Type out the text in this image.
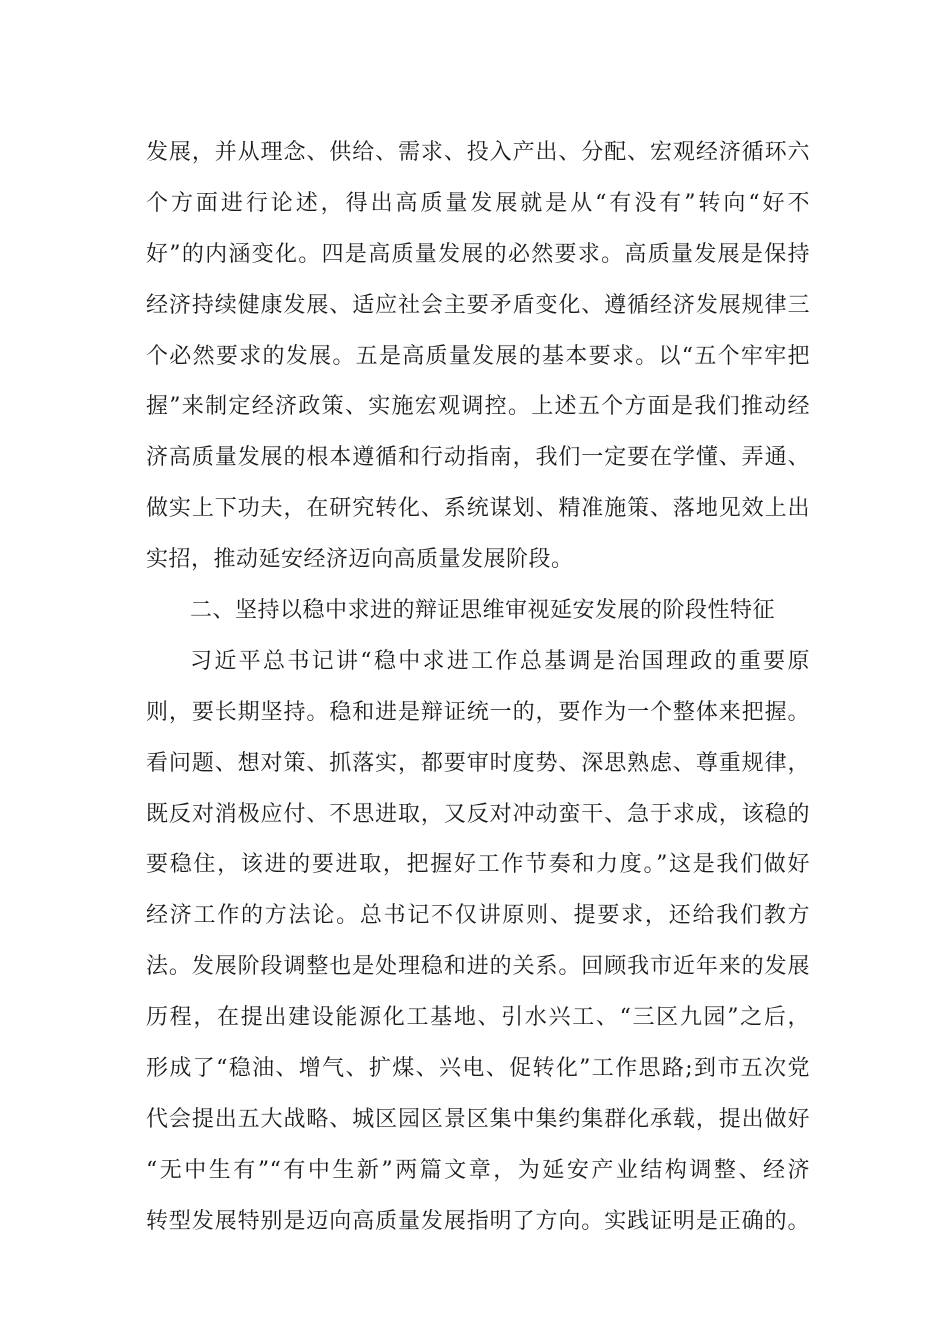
发展，并从理念、供给、需求、投入产出、分配、宏观经济循环六
个方面进行论述，得出高质量发展就是从“有没有”转向“好不
好”的内涵变化。四是高质量发展的必然要求。高质量发展是保持
经济持续健康发展、适应社会主要矛盾变化、遵循经济发展规律三
个必然要求的发展。五是高质量发展的基本要求。以“五个牢牢把
握”来制定经济政策、实施宏观调控。上述五个方面是我们推动经
济高质量发展的根本遵循和行动指南，我们一定要在学懂、弄通、
做实上下功夫，在研究转化、系统谋划、精准施策、落地见效上出
实招，推动延安经济迈向高质量发展阶段。
二、坚持以稳中求进的辩证思维审视延安发展的阶段性特征
习近平总书记讲“稳中求进工作总基调是治国理政的重要原
则，要长期坚持。稳和进是辩证统一的，要作为一个整体来把握。
看问题、想对策、抓落实，都要审时度势、深思熟虑、尊重规律，
既反对消极应付、不思进取，又反对冲动蛮干、急于求成，该稳的
要稳住，该进的要进取，把握好工作节奏和力度。”这是我们做好
经济工作的方法论。总书记不仅讲原则、提要求，还给我们教方
法。发展阶段调整也是处理稳和进的关系。回顾我市近年来的发展
历程，在提出建设能源化工基地、引水兴工、“三区九园”之后，
形成了“稳油、增气、扩煤、兴电、促转化”工作思路;到市五次党
代会提出五大战略、城区园区景区集中集约集群化承载，提出做好
“无中生有”“有中生新”两篇文章，为延安产业结构调整、经济
转型发展特别是迈向高质量发展指明了方向。实践证明是正确的。
